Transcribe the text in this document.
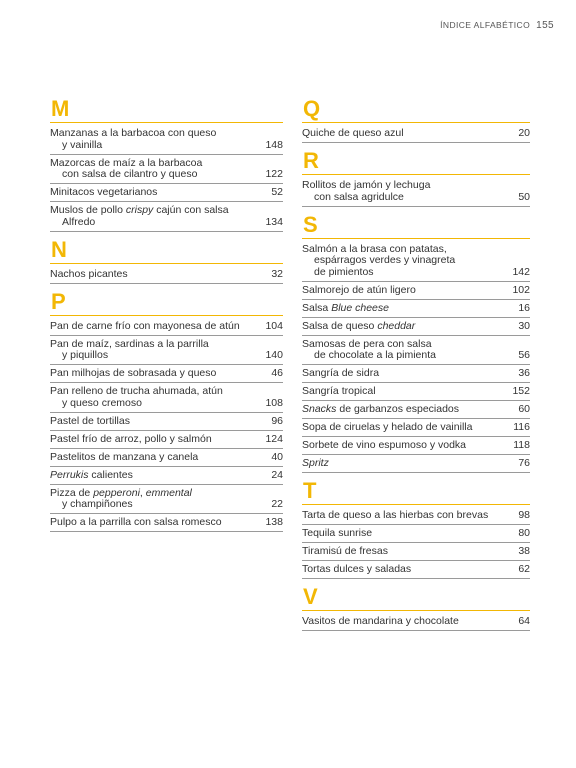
ÍNDICE ALFABÉTICO 155
M
Manzanas a la barbacoa con queso
y vainilla	148
Mazorcas de maíz a la barbacoa
con salsa de cilantro y queso	122
Minitacos vegetarianos	52
Muslos de pollo crispy cajún con salsa
Alfredo	134
N
Nachos picantes	32
P
Pan de carne frío con mayonesa de atún	104
Pan de maíz, sardinas a la parrilla
y piquillos	140
Pan milhojas de sobrasada y queso	46
Pan relleno de trucha ahumada, atún
y queso cremoso	108
Pastel de tortillas	96
Pastel frío de arroz, pollo y salmón	124
Pastelitos de manzana y canela	40
Perrukis calientes	24
Pizza de pepperoni, emmental
y champiñones	22
Pulpo a la parrilla con salsa romesco	138
Q
Quiche de queso azul	20
R
Rollitos de jamón y lechuga
con salsa agridulce	50
S
Salmón a la brasa con patatas,
espárragos verdes y vinagreta
de pimientos	142
Salmorejo de atún ligero	102
Salsa Blue cheese	16
Salsa de queso cheddar	30
Samosas de pera con salsa
de chocolate a la pimienta	56
Sangría de sidra	36
Sangría tropical	152
Snacks de garbanzos especiados	60
Sopa de ciruelas y helado de vainilla	116
Sorbete de vino espumoso y vodka	118
Spritz	76
T
Tarta de queso a las hierbas con brevas	98
Tequila sunrise	80
Tiramisú de fresas	38
Tortas dulces y saladas	62
V
Vasitos de mandarina y chocolate	64
